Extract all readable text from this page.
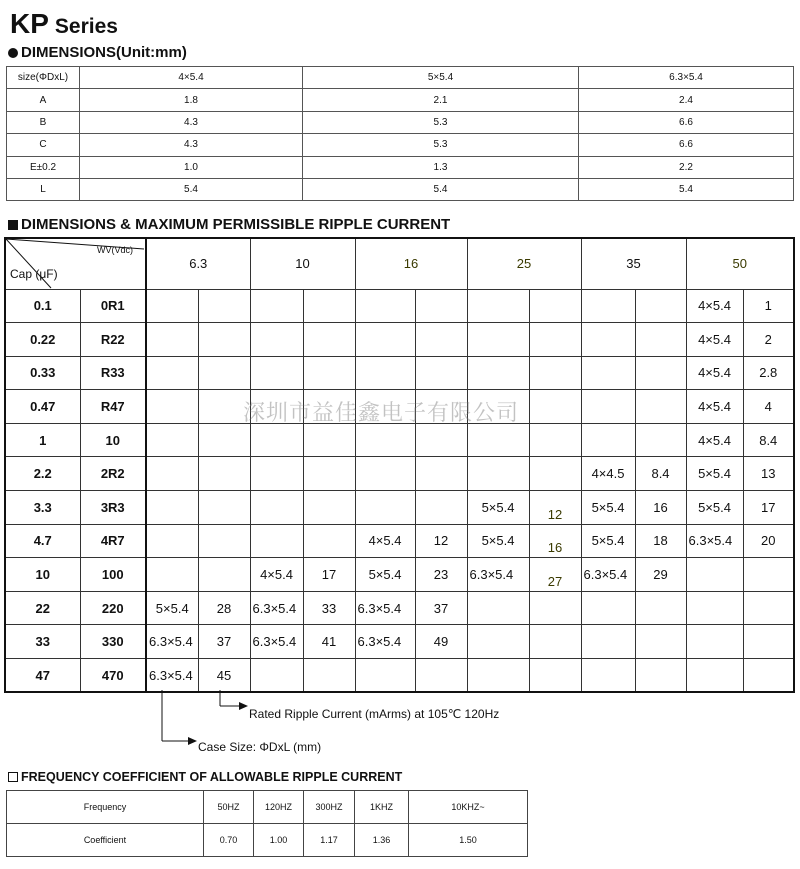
KP Series
DIMENSIONS(Unit:mm)
size(ΦDxL)	4×5.4	5×5.4	6.3×5.4
A	1.8	2.1	2.4
B	4.3	5.3	6.6
C	4.3	5.3	6.6
E±0.2	1.0	1.3	2.2
L	5.4	5.4	5.4
DIMENSIONS & MAXIMUM PERMISSIBLE RIPPLE CURRENT
WV(Vdc)
Cap (μF)		6.3		10		16		25		35		50	
0.1	0R1											4×5.4	1
0.22	R22											4×5.4	2
0.33	R33											4×5.4	2.8
0.47	R47											4×5.4	4
1	10											4×5.4	8.4
2.2	2R2									4×4.5	8.4	5×5.4	13
3.3	3R3							5×5.4	12	5×5.4	16	5×5.4	17
4.7	4R7					4×5.4	12	5×5.4	16	5×5.4	18	6.3×5.4	20
10	100			4×5.4	17	5×5.4	23	6.3×5.4	27	6.3×5.4	29		
22	220	5×5.4	28	6.3×5.4	33	6.3×5.4	37						
33	330	6.3×5.4	37	6.3×5.4	41	6.3×5.4	49						
47	470	6.3×5.4	45										
深圳市益佳鑫电子有限公司
Rated Ripple Current (mArms) at 105℃ 120Hz
Case Size: ΦDxL (mm)
FREQUENCY COEFFICIENT OF ALLOWABLE RIPPLE CURRENT
Frequency	50HZ	120HZ	300HZ	1KHZ	10KHZ~
Coefficient	0.70	1.00	1.17	1.36	1.50
